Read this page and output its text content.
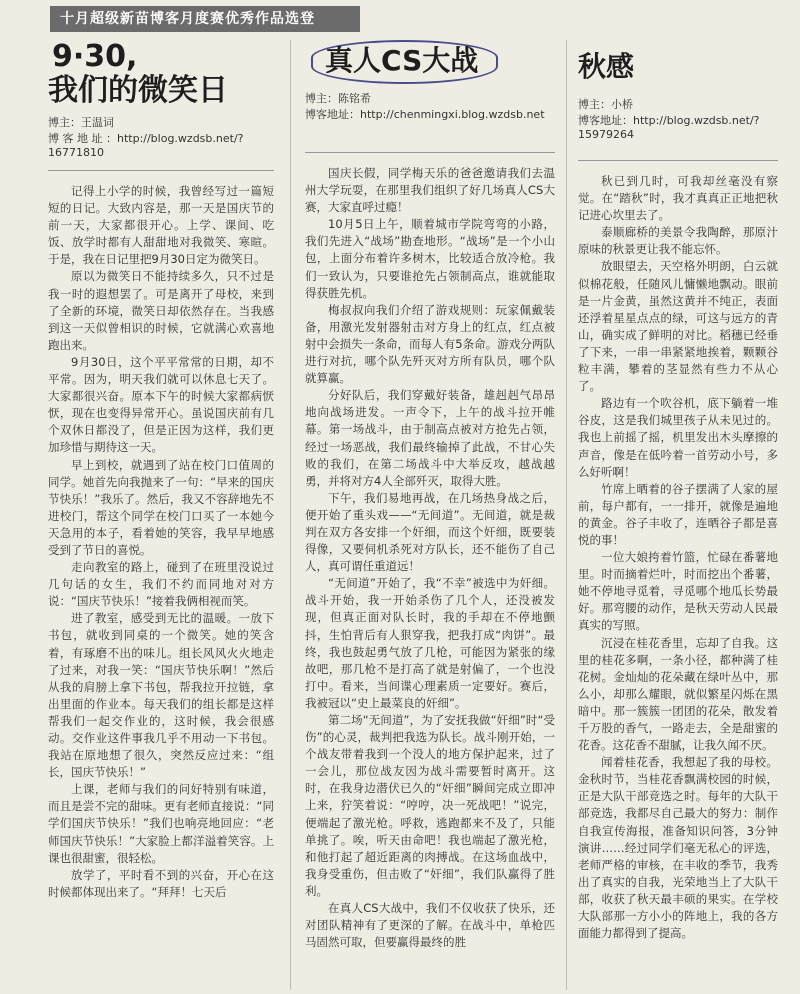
十月超级新苗博客月度赛优秀作品选登
9·30,
我们的微笑日
博主：王温词
博 客 地 址 ：http://blog.wzdsb.net/?16771810

记得上小学的时候，我曾经写过一篇短短的日记。大致内容是，那一天是国庆节的前一天，大家都很开心。上学、课间、吃饭、放学时都有人甜甜地对我微笑、寒暄。于是，我在日记里把9月30日定为微笑日。

原以为微笑日不能持续多久，只不过是我一时的遐想罢了。可是离开了母校，来到了全新的环境，微笑日却依然存在。当我感到这一天似曾相识的时候，它就满心欢喜地跑出来。

9月30日，这个平平常常的日期，却不平常。因为，明天我们就可以休息七天了。大家都很兴奋。原本下午的时候大家都病恹恹，现在也变得异常开心。虽说国庆前有几个双休日都没了，但是正因为这样，我们更加珍惜与期待这一天。

早上到校，就遇到了站在校门口值周的同学。她首先向我抛来了一句：“早来的国庆节快乐！”我乐了。然后，我又不容辞地先不进校门，帮这个同学在校门口买了一本她今天急用的本子，看着她的笑容，我早早地感受到了节日的喜悦。

走向教室的路上，碰到了在班里没说过几句话的女生，我们不约而同地对对方说：“国庆节快乐！”接着我俩相视而笑。

进了教室，感受到无比的温暖。一放下书包，就收到同桌的一个微笑。她的笑含着，有琢磨不出的味儿。组长风风火火地走了过来，对我一笑：“国庆节快乐啊！”然后从我的肩膀上拿下书包，帮我拉开拉链，拿出里面的作业本。每天我们的组长都是这样帮我们一起交作业的，这时候，我会很感动。交作业这件事我几乎不用动一下书包。我站在原地想了很久，突然反应过来：“组长，国庆节快乐！”

上课，老师与我们的问好特别有味道，而且是尝不完的甜味。更有老师直接说：“同学们国庆节快乐！”我们也响亮地回应：“老师国庆节快乐！”大家脸上都洋溢着笑容。上课也很甜蜜，很轻松。

放学了，平时看不到的兴奋，开心在这时候都体现出来了。“拜拜！七天后

真人CS大战
博主：陈铭希
博客地址：http://chenmingxi.blog.wzdsb.net

国庆长假，同学梅天乐的爸爸邀请我们去温州大学玩耍，在那里我们组织了好几场真人CS大赛，大家直呼过瘾！

10月5日上午，顺着城市学院弯弯的小路，我们先进入“战场”勘查地形。“战场”是一个小山包，上面分布着许多树木，比较适合放冷枪。我们一致认为，只要谁抢先占领制高点，谁就能取得获胜先机。

梅叔叔向我们介绍了游戏规则：玩家佩戴装备，用激光发射器射击对方身上的红点，红点被射中会损失一条命，而每人有5条命。游戏分两队进行对抗，哪个队先歼灭对方所有队员，哪个队就算赢。

分好队后，我们穿戴好装备，雄赳赳气昂昂地向战场进发。一声令下，上午的战斗拉开帷幕。第一场战斗，由于制高点被对方抢先占领，经过一场恶战，我们最终输掉了此战，不甘心失败的我们，在第二场战斗中大举反攻，越战越勇，并将对方4人全部歼灭，取得大胜。

下午，我们易地再战，在几场热身战之后，便开始了重头戏——“无间道”。无间道，就是裁判在双方各安排一个奸细，而这个奸细，既要装得像，又要伺机杀死对方队长，还不能伤了自己人，真可谓任重道远！

“无间道”开始了，我“不幸”被选中为奸细。战斗开始，我一开始杀伤了几个人，还没被发现，但真正面对队长时，我的手却在不停地颤抖，生怕背后有人狠穿我，把我打成“肉饼”。最终，我也鼓起勇气放了几枪，可能因为紧张的缘故吧，那几枪不是打高了就是射偏了，一个也没打中。看来，当间谍心理素质一定要好。赛后，我被冠以“史上最菜良的奸细”。

第二场“无间道”，为了安抚我做“奸细”时“受伤”的心灵，裁判把我选为队长。战斗刚开始，一个战友带着我到一个没人的地方保护起来，过了一会儿，那位战友因为战斗需要暂时离开。这时，在我身边潜伏已久的“奸细”瞬间完成立即冲上来，狞笑着说：“哼哼，决一死战吧！”说完，便端起了激光枪。呼救，逃跑都来不及了，只能单挑了。唉，听天由命吧！我也端起了激光枪，和他打起了超近距离的肉搏战。在这场血战中，我身受重伤，但击败了“奸细”，我们队赢得了胜利。

在真人CS大战中，我们不仅收获了快乐，还对团队精神有了更深的了解。在战斗中，单枪匹马固然可取，但要赢得最终的胜

秋感
博主：小桥
博客地址：http://blog.wzdsb.net/?15979264

秋已到几时，可我却丝毫没有察觉。在“踏秋”时，我才真真正正地把秋记进心坎里去了。

泰顺廊桥的美景令我陶醉，那原汁原味的秋景更让我不能忘怀。

放眼望去，天空格外明朗，白云就似棉花般，任随风儿慵懒地飘动。眼前是一片金黄，虽然这黄并不纯正，表面还浮着星星点点的绿，可这与远方的青山，确实成了鲜明的对比。稻穗已经垂了下来，一串一串紧紧地挨着，颗颗谷粒丰满，攀着的茎显然有些力不从心了。

路边有一个吹谷机，底下躺着一堆谷皮，这是我们城里孩子从未见过的。我也上前摇了摇，机里发出木头摩擦的声音，像是在低吟着一首劳动小号，多么好听啊！

竹席上晒着的谷子摆满了人家的屋前，每户都有，一一排开，就像是遍地的黄金。谷子丰收了，连晒谷子都是喜悦的事！

一位大娘挎着竹篮，忙碌在番薯地里。时而摘着烂叶，时而挖出个番薯，她不停地寻觅着，寻觅哪个地瓜长势最好。那弯腰的动作，是秋天劳动人民最真实的写照。

沉浸在桂花香里，忘却了自我。这里的桂花多啊，一条小径，都种满了桂花树。金灿灿的花朵藏在绿叶丛中，那么小，却那么耀眼，就似繁星闪烁在黑暗中。那一簇簇一团团的花朵，散发着千万股的香气，一路走去，全是甜蜜的花香。这花香不甜腻，让我久闻不厌。

闻着桂花香，我想起了我的母校。金秋时节，当桂花香飘满校园的时候，正是大队干部竞选之时。每年的大队干部竞选，我都尽自己最大的努力：制作自我宣传海报，准备知识问答，3分钟演讲……经过同学们毫无私心的评选，老师严格的审核，在丰收的季节，我秀出了真实的自我，光荣地当上了大队干部，收获了秋天最丰硕的果实。在学校大队部那一方小小的阵地上，我的各方面能力都得到了提高。
